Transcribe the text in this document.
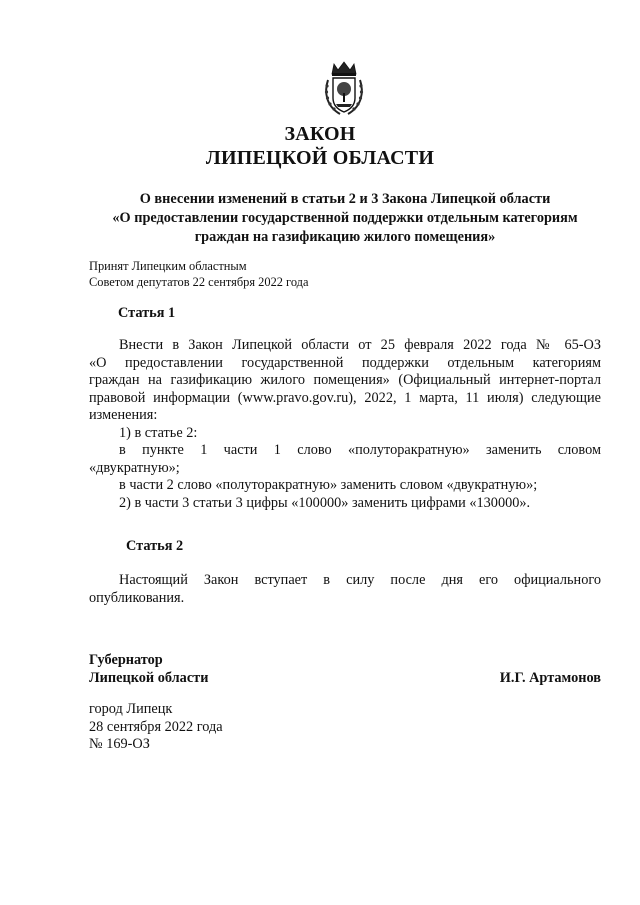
ЗАКОН
ЛИПЕЦКОЙ ОБЛАСТИ
О внесении изменений в статьи 2 и 3 Закона Липецкой области
«О предоставлении государственной поддержки отдельным категориям
граждан на газификацию жилого помещения»
Принят Липецким областным
Советом депутатов 22 сентября 2022 года
Статья 1
Внести в Закон Липецкой области от 25 февраля 2022 года № 65-ОЗ
«О предоставлении государственной поддержки отдельным категориям
граждан на газификацию жилого помещения» (Официальный интернет-портал
правовой информации (www.pravo.gov.ru), 2022, 1 марта, 11 июля) следующие
изменения:
1) в статье 2:
в пункте 1 части 1 слово «полуторакратную» заменить словом
«двукратную»;
в части 2 слово «полуторакратную» заменить словом «двукратную»;
2) в части 3 статьи 3 цифры «100000» заменить цифрами «130000».
Статья 2
Настоящий Закон вступает в силу после дня его официального
опубликования.
Губернатор
Липецкой области	И.Г. Артамонов
город Липецк
28 сентября 2022 года
№ 169-ОЗ
